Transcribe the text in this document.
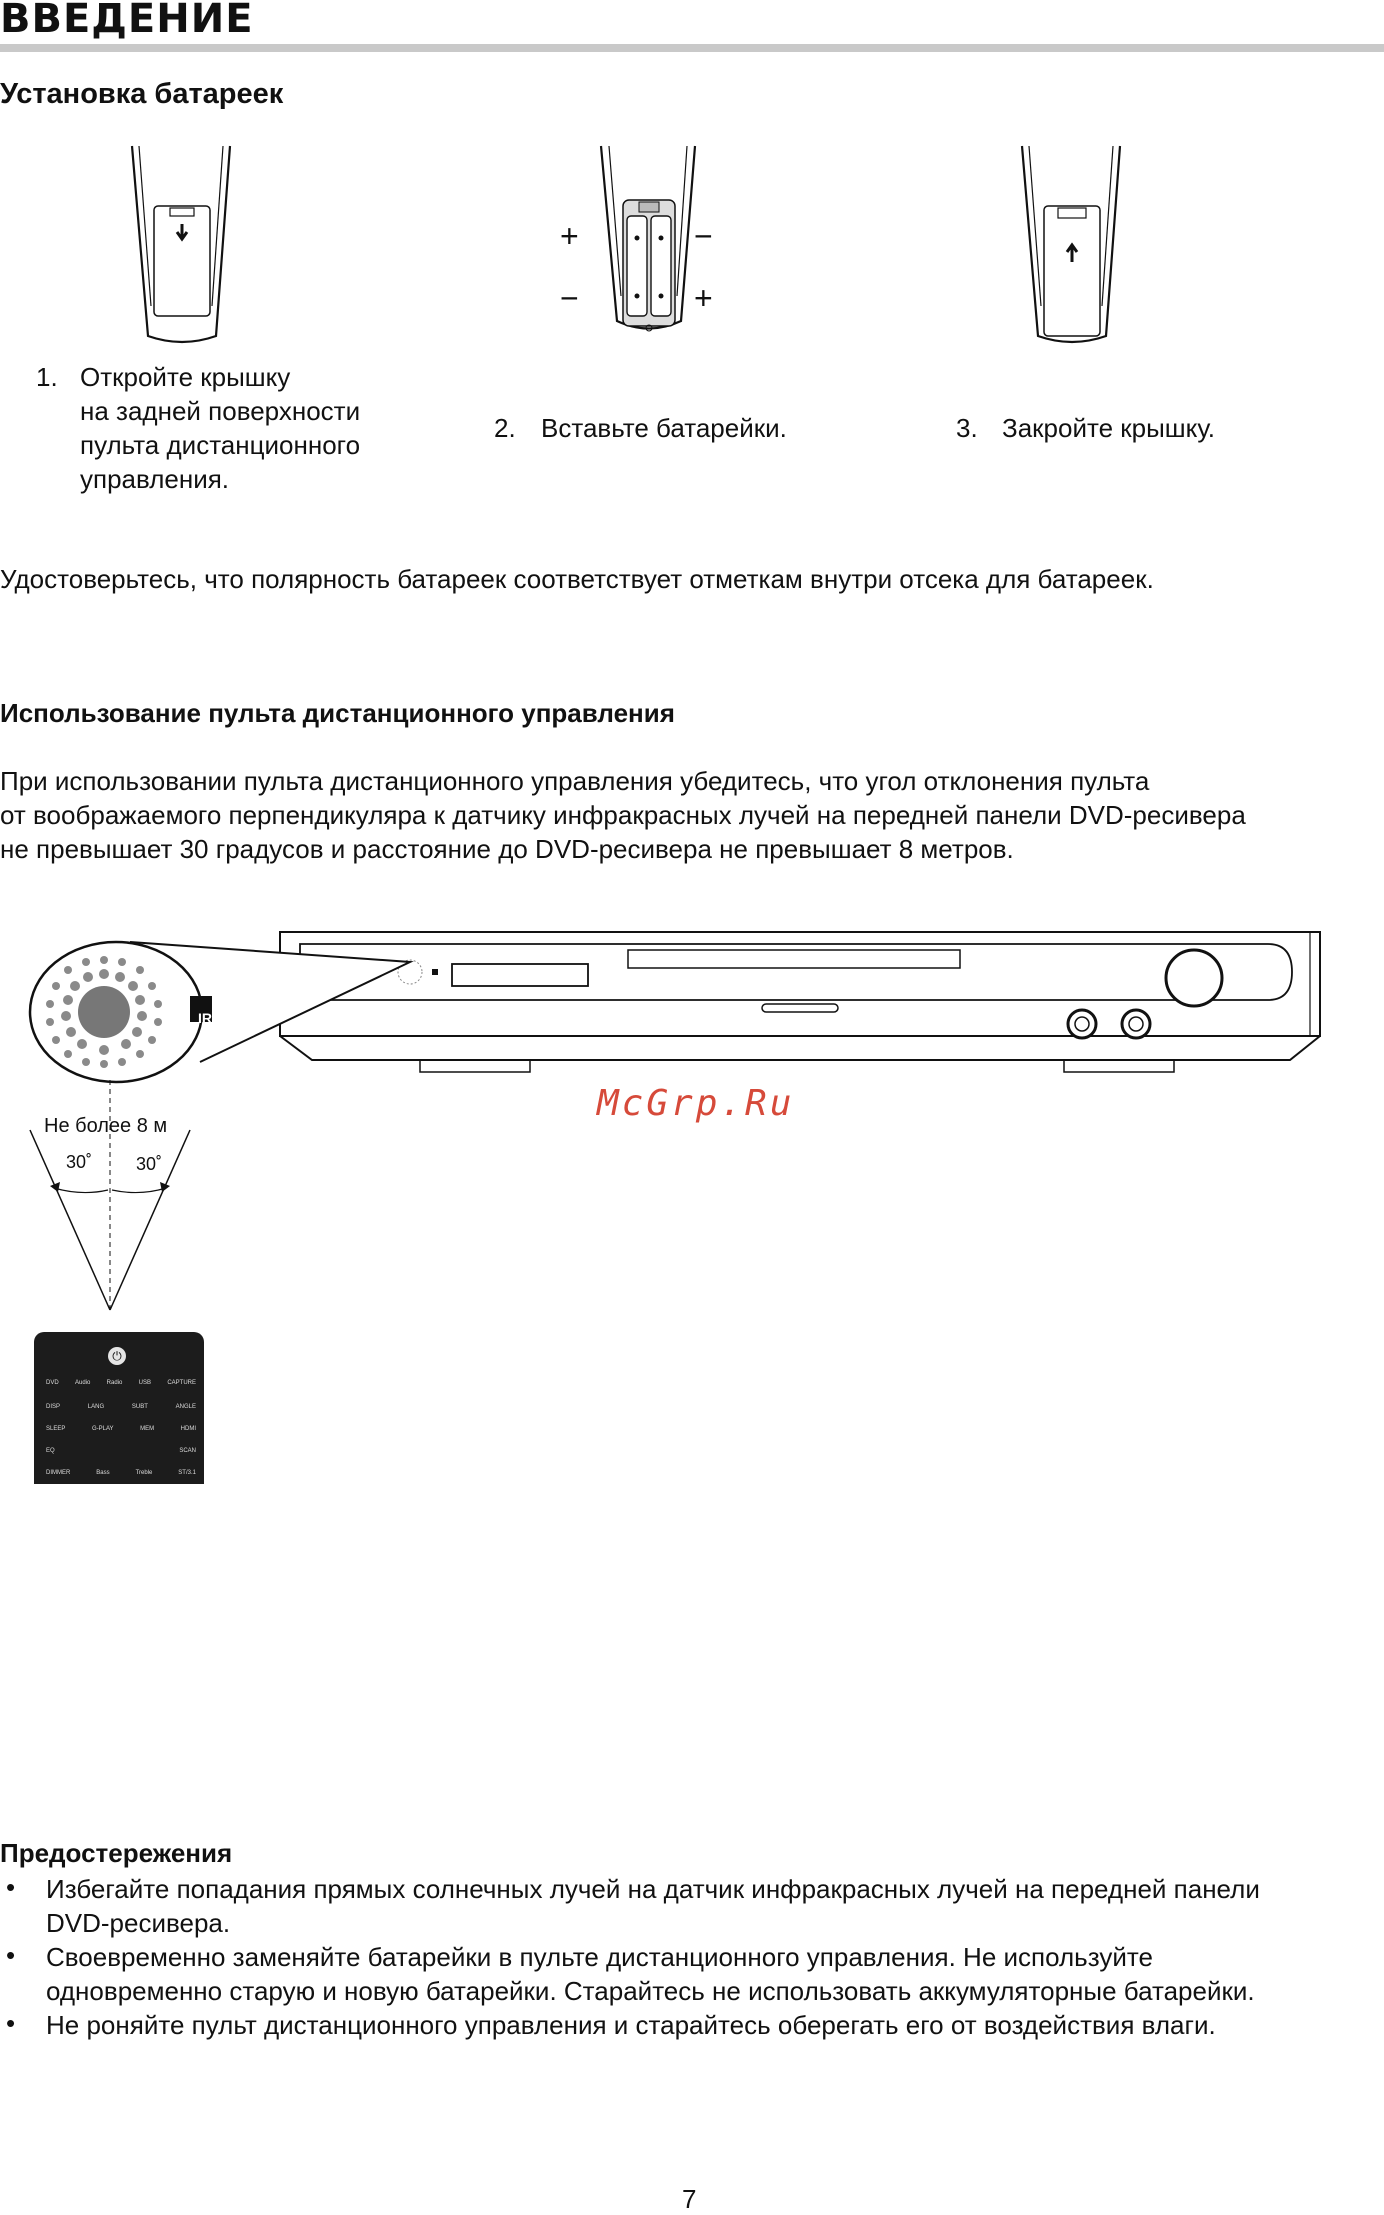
ВВЕДЕНИЕ
Установка батареек
+	−
−	+
1. Откройте крышку
на задней поверхности
пульта дистанционного
управления.
2. Вставьте батарейки.	3. Закройте крышку.
Удостоверьтесь, что полярность батареек соответствует отметкам внутри отсека для батареек.
Использование пульта дистанционного управления
При использовании пульта дистанционного управления убедитесь, что угол отклонения пульта
от воображаемого перпендикуляра к датчику инфракрасных лучей на передней панели DVD-ресивера
не превышает 30 градусов и расстояние до DVD-ресивера не превышает 8 метров.
IR
Не более 8 м
30˚ 30˚
⏻
DVD	Audio	Radio	USB	CAPTURE
DISP	LANG	SUBT	ANGLE
SLEEP	G-PLAY	MEM	HDMI
EQ	SCAN
DIMMER	Bass	Treble	ST/3.1
McGrp.Ru
Предостережения
• Избегайте попадания прямых солнечных лучей на датчик инфракрасных лучей на передней панели
DVD-ресивера.
• Своевременно заменяйте батарейки в пульте дистанционного управления. Не используйте
одновременно старую и новую батарейки. Старайтесь не использовать аккумуляторные батарейки.
• Не роняйте пульт дистанционного управления и старайтесь оберегать его от воздействия влаги.
7
